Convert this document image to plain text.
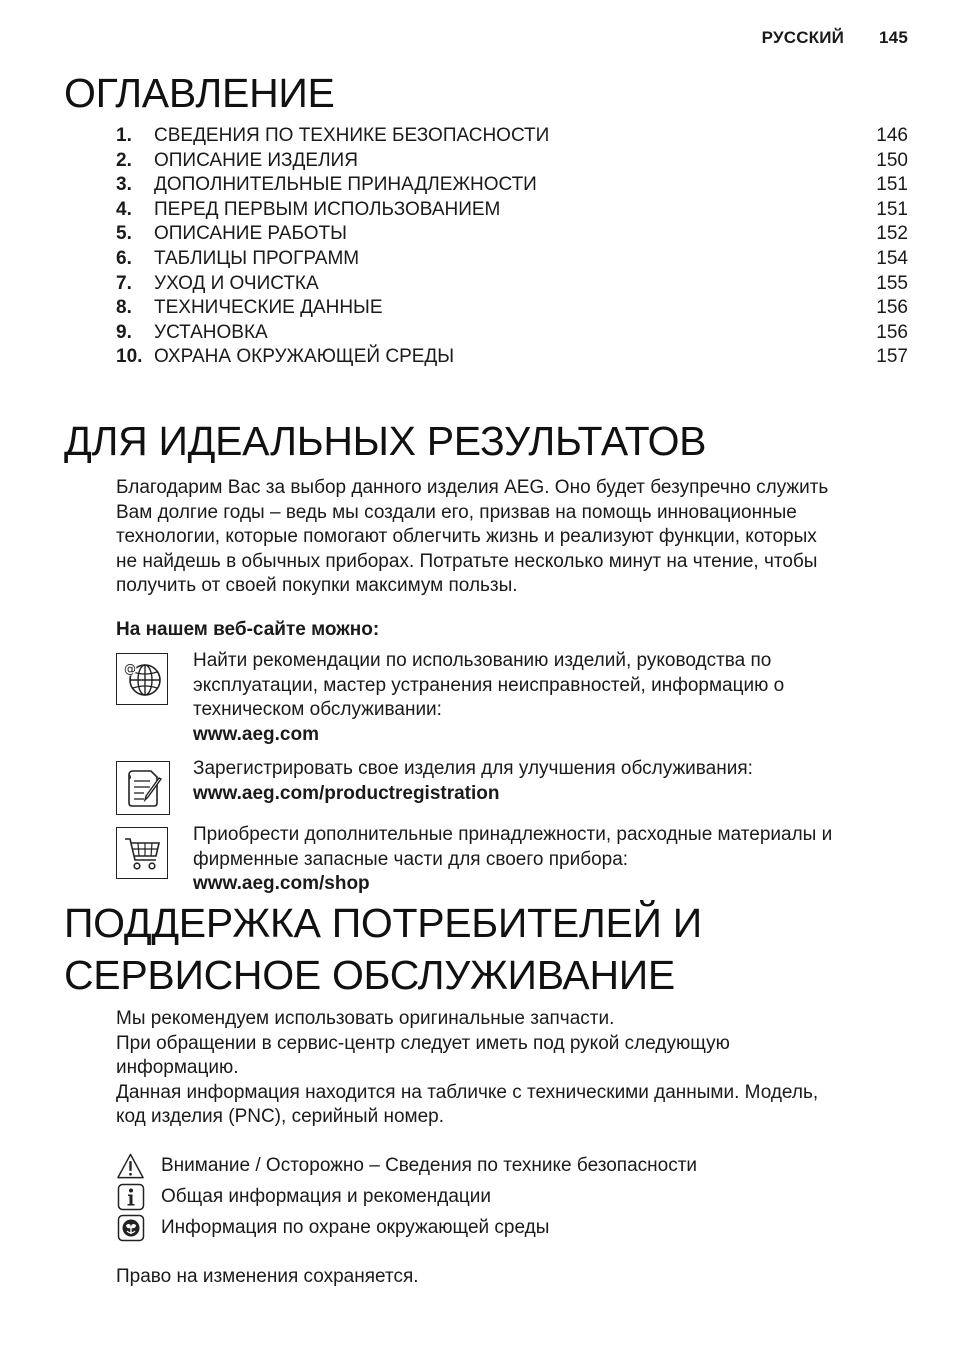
РУССКИЙ 145
ОГЛАВЛЕНИЕ
1.	СВЕДЕНИЯ ПО ТЕХНИКЕ БЕЗОПАСНОСТИ	146
2.	ОПИСАНИЕ ИЗДЕЛИЯ	150
3.	ДОПОЛНИТЕЛЬНЫЕ ПРИНАДЛЕЖНОСТИ	151
4.	ПЕРЕД ПЕРВЫМ ИСПОЛЬЗОВАНИЕМ	151
5.	ОПИСАНИЕ РАБОТЫ	152
6.	ТАБЛИЦЫ ПРОГРАММ	154
7.	УХОД И ОЧИСТКА	155
8.	ТЕХНИЧЕСКИЕ ДАННЫЕ	156
9.	УСТАНОВКА	156
10. ОХРАНА ОКРУЖАЮЩЕЙ СРЕДЫ	157
ДЛЯ ИДЕАЛЬНЫХ РЕЗУЛЬТАТОВ
Благодарим Вас за выбор данного изделия AEG. Оно будет безупречно служить
Вам долгие годы – ведь мы создали его, призвав на помощь инновационные
технологии, которые помогают облегчить жизнь и реализуют функции, которых
не найдешь в обычных приборах. Потратьте несколько минут на чтение, чтобы
получить от своей покупки максимум пользы.
На нашем веб-сайте можно:
@	Найти рекомендации по использованию изделий, руководства по
эксплуатации, мастер устранения неисправностей, информацию о
техническом обслуживании:
www.aeg.com
Зарегистрировать свое изделия для улучшения обслуживания:
www.aeg.com/productregistration
Приобрести дополнительные принадлежности, расходные материалы и
фирменные запасные части для своего прибора:
www.aeg.com/shop
ПОДДЕРЖКА ПОТРЕБИТЕЛЕЙ И
СЕРВИСНОЕ ОБСЛУЖИВАНИЕ
Мы рекомендуем использовать оригинальные запчасти.
При обращении в сервис-центр следует иметь под рукой следующую
информацию.
Данная информация находится на табличке с техническими данными. Модель,
код изделия (PNC), серийный номер.
Внимание / Осторожно – Сведения по технике безопасности
Общая информация и рекомендации
Информация по охране окружающей среды
Право на изменения сохраняется.
